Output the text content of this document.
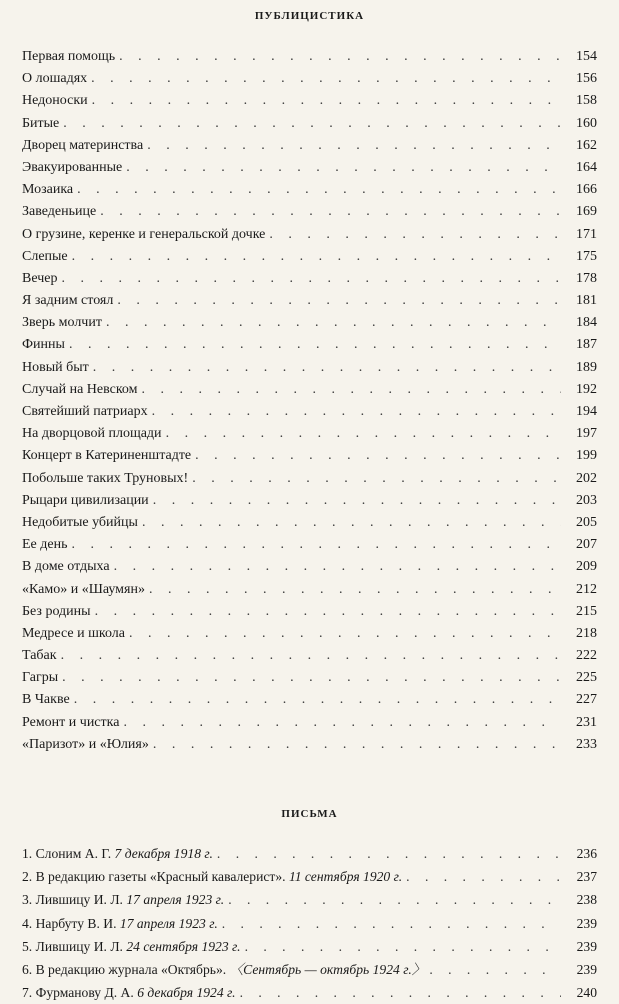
ПУБЛИЦИСТИКА
Первая помощь . . .	154
О лошадях . . .	156
Недоноски . . .	158
Битые . . .	160
Дворец материнства . . .	162
Эвакуированные . . .	164
Мозаика . . .	166
Заведеньице . . .	169
О грузине, керенке и генеральской дочке . . .	171
Слепые . . .	175
Вечер . . .	178
Я задним стоял . . .	181
Зверь молчит . . .	184
Финны . . .	187
Новый быт . . .	189
Случай на Невском . . .	192
Святейший патриарх . . .	194
На дворцовой площади . . .	197
Концерт в Катериненштадте . . .	199
Побольше таких Труновых! . . .	202
Рыцари цивилизации . . .	203
Недобитые убийцы . . .	205
Ее день . . .	207
В доме отдыха . . .	209
«Камо» и «Шаумян» . . .	212
Без родины . . .	215
Медресе и школа . . .	218
Табак . . .	222
Гагры . . .	225
В Чакве . . .	227
Ремонт и чистка . . .	231
«Паризот» и «Юлия» . . .	233
ПИСЬМА
1. Слоним А. Г. 7 декабря 1918 г. . . .	236
2. В редакцию газеты «Красный кавалерист». 11 сентября 1920 г. . . .	237
3. Лившицу И. Л. 17 апреля 1923 г. . . .	238
4. Нарбуту В. И. 17 апреля 1923 г. . . .	239
5. Лившицу И. Л. 24 сентября 1923 г. . . .	239
6. В редакцию журнала «Октябрь». 〈Сентябрь — октябрь 1924 г.〉 . . .	239
7. Фурманову Д. А. 6 декабря 1924 г. . . .	240
